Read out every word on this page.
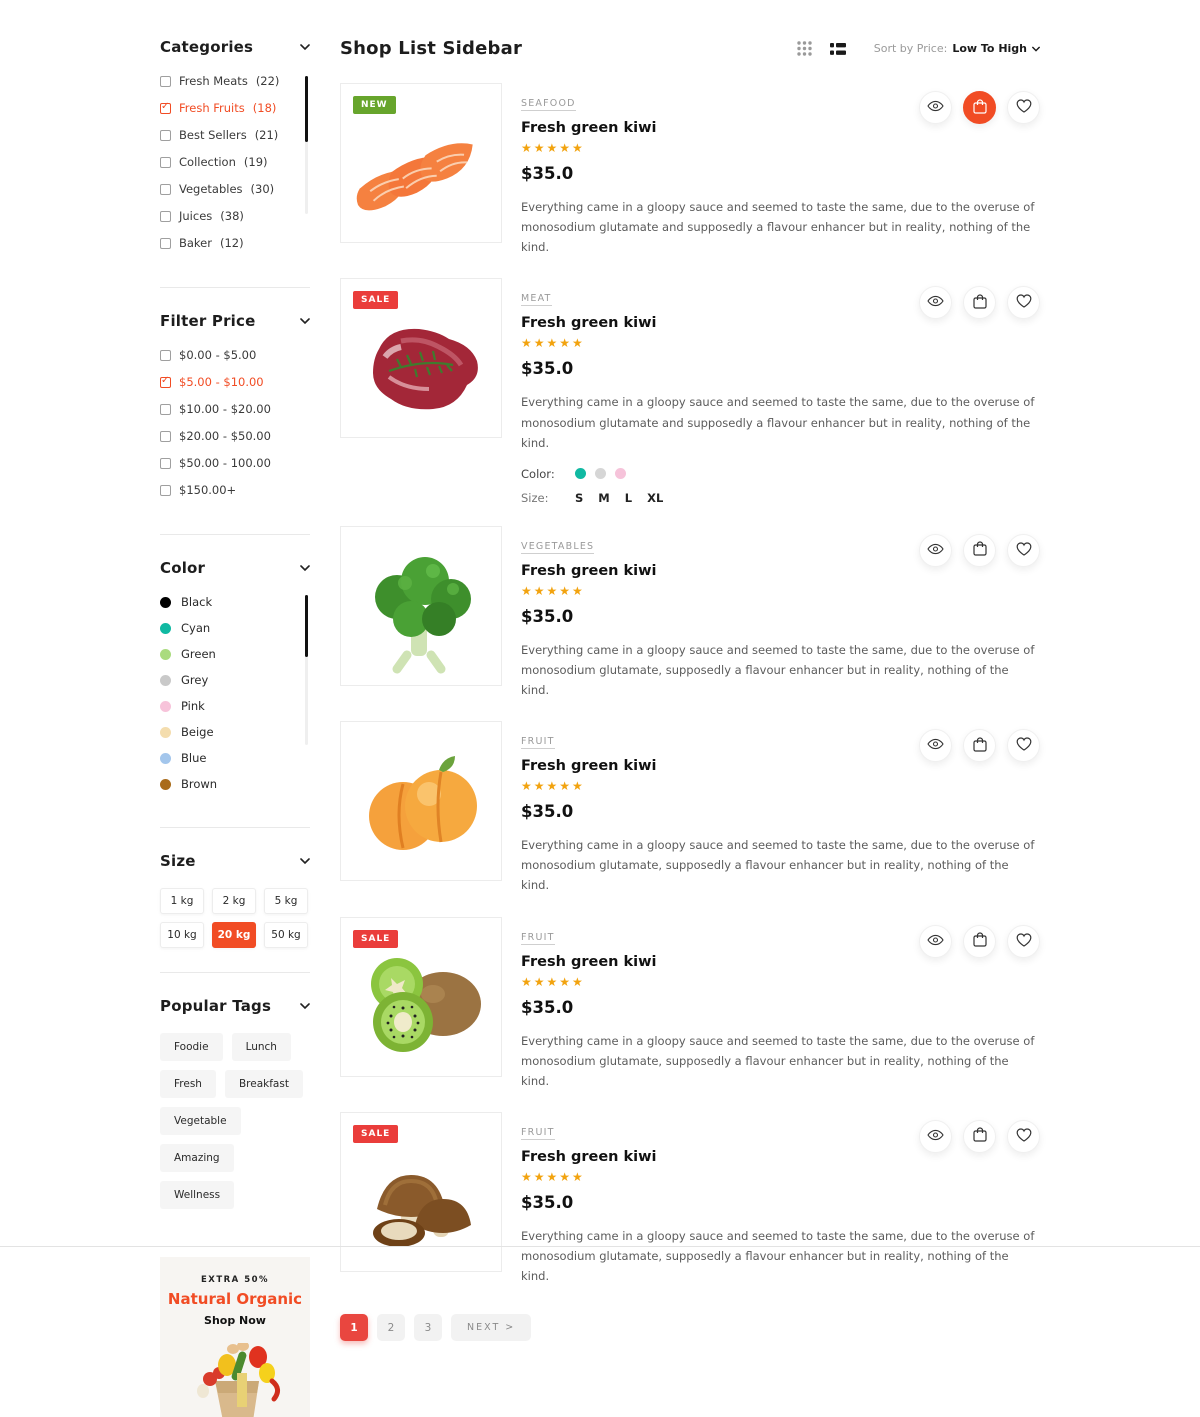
Categories
Fresh Meats (22)
✓
Fresh Fruits (18)
Best Sellers (21)
Collection (19)
Vegetables (30)
Juices (38)
Baker (12)
Filter Price
$0.00 - $5.00
✓
$5.00 - $10.00
$10.00 - $20.00
$20.00 - $50.00
$50.00 - 100.00
$150.00+
Color
Black
Cyan
Green
Grey
Pink
Beige
Blue
Brown
Size
1 kg	2 kg	5 kg
10 kg	20 kg	50 kg
Popular Tags
Foodie	Lunch
Fresh	Breakfast
Vegetable
Amazing
Wellness
EXTRA 50%
Natural Organic
Shop Now
Shop List Sidebar	Sort by Price: Low To High
NEW	SEAFOOD
Fresh green kiwi
★★★★★
$35.0

Everything came in a gloopy sauce and seemed to taste the same, due to the overuse of monosodium glutamate and supposedly a flavour enhancer but in reality, nothing of the kind.

SALE	MEAT
Fresh green kiwi
★★★★★
$35.0

Everything came in a gloopy sauce and seemed to taste the same, due to the overuse of monosodium glutamate and supposedly a flavour enhancer but in reality, nothing of the kind.

Color:
Size:	S M L XL
VEGETABLES
Fresh green kiwi
★★★★★
$35.0

Everything came in a gloopy sauce and seemed to taste the same, due to the overuse of monosodium glutamate, supposedly a flavour enhancer but in reality, nothing of the kind.

FRUIT
Fresh green kiwi
★★★★★
$35.0

Everything came in a gloopy sauce and seemed to taste the same, due to the overuse of monosodium glutamate, supposedly a flavour enhancer but in reality, nothing of the kind.

SALE	FRUIT
Fresh green kiwi
★★★★★
$35.0

Everything came in a gloopy sauce and seemed to taste the same, due to the overuse of monosodium glutamate, supposedly a flavour enhancer but in reality, nothing of the kind.

SALE	FRUIT
Fresh green kiwi
★★★★★
$35.0

Everything came in a gloopy sauce and seemed to taste the same, due to the overuse of monosodium glutamate, supposedly a flavour enhancer but in reality, nothing of the kind.

1	2	3	NEXT >
